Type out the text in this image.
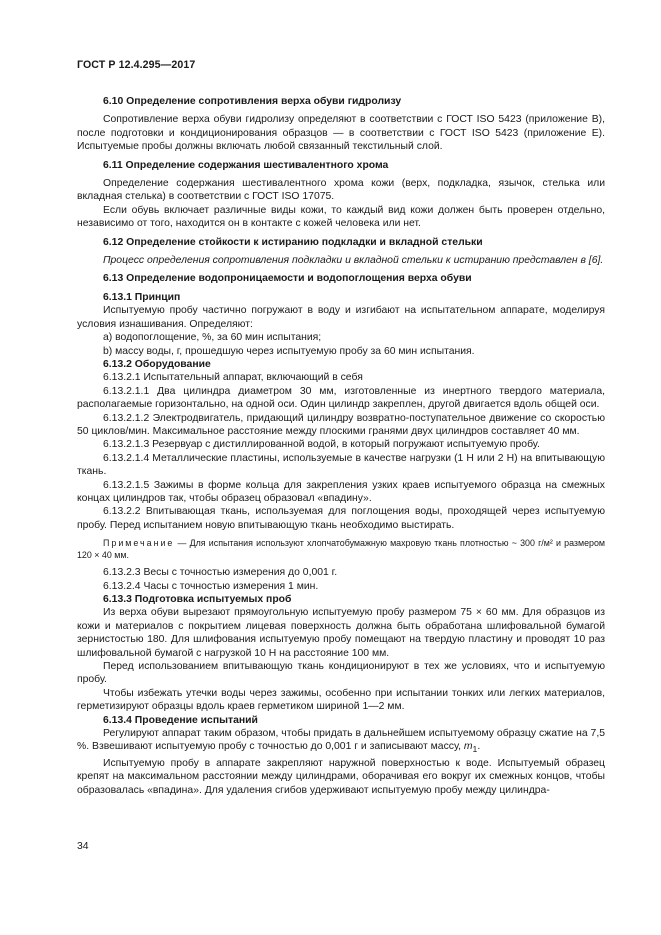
ГОСТ Р 12.4.295—2017

6.10 Определение сопротивления верха обуви гидролизу

Сопротивление верха обуви гидролизу определяют в соответствии с ГОСТ ISO 5423 (приложение В), после подготовки и кондиционирования образцов — в соответствии с ГОСТ ISO 5423 (приложение Е). Испытуемые пробы должны включать любой связанный текстильный слой.

6.11 Определение содержания шестивалентного хрома

Определение содержания шестивалентного хрома кожи (верх, подкладка, язычок, стелька или вкладная стелька) в соответствии с ГОСТ ISO 17075.

Если обувь включает различные виды кожи, то каждый вид кожи должен быть проверен отдельно, независимо от того, находится он в контакте с кожей человека или нет.

6.12 Определение стойкости к истиранию подкладки и вкладной стельки

Процесс определения сопротивления подкладки и вкладной стельки к истиранию представлен в [6].

6.13 Определение водопроницаемости и водопоглощения верха обуви

6.13.1 Принцип

Испытуемую пробу частично погружают в воду и изгибают на испытательном аппарате, моделируя условия изнашивания. Определяют:

a) водопоглощение, %, за 60 мин испытания;

b) массу воды, г, прошедшую через испытуемую пробу за 60 мин испытания.

6.13.2 Оборудование

6.13.2.1 Испытательный аппарат, включающий в себя

6.13.2.1.1 Два цилиндра диаметром 30 мм, изготовленные из инертного твердого материала, располагаемые горизонтально, на одной оси. Один цилиндр закреплен, другой двигается вдоль общей оси.

6.13.2.1.2 Электродвигатель, придающий цилиндру возвратно-поступательное движение со скоростью 50 циклов/мин. Максимальное расстояние между плоскими гранями двух цилиндров составляет 40 мм.

6.13.2.1.3 Резервуар с дистиллированной водой, в который погружают испытуемую пробу.

6.13.2.1.4 Металлические пластины, используемые в качестве нагрузки (1 Н или 2 Н) на впитывающую ткань.

6.13.2.1.5 Зажимы в форме кольца для закрепления узких краев испытуемого образца на смежных концах цилиндров так, чтобы образец образовал «впадину».

6.13.2.2 Впитывающая ткань, используемая для поглощения воды, проходящей через испытуемую пробу. Перед испытанием новую впитывающую ткань необходимо выстирать.

Примечание — Для испытания используют хлопчатобумажную махровую ткань плотностью ~ 300 г/м² и размером 120 × 40 мм.

6.13.2.3 Весы с точностью измерения до 0,001 г.

6.13.2.4 Часы с точностью измерения 1 мин.

6.13.3 Подготовка испытуемых проб

Из верха обуви вырезают прямоугольную испытуемую пробу размером 75 × 60 мм. Для образцов из кожи и материалов с покрытием лицевая поверхность должна быть обработана шлифовальной бумагой зернистостью 180. Для шлифования испытуемую пробу помещают на твердую пластину и проводят 10 раз шлифовальной бумагой с нагрузкой 10 Н на расстояние 100 мм.

Перед использованием впитывающую ткань кондиционируют в тех же условиях, что и испытуемую пробу.

Чтобы избежать утечки воды через зажимы, особенно при испытании тонких или легких материалов, герметизируют образцы вдоль краев герметиком шириной 1—2 мм.

6.13.4 Проведение испытаний

Регулируют аппарат таким образом, чтобы придать в дальнейшем испытуемому образцу сжатие на 7,5 %. Взвешивают испытуемую пробу с точностью до 0,001 г и записывают массу, $m_1$.

Испытуемую пробу в аппарате закрепляют наружной поверхностью к воде. Испытуемый образец крепят на максимальном расстоянии между цилиндрами, оборачивая его вокруг их смежных концов, чтобы образовалась «впадина». Для удаления сгибов удерживают испытуемую пробу между цилиндра-

34
